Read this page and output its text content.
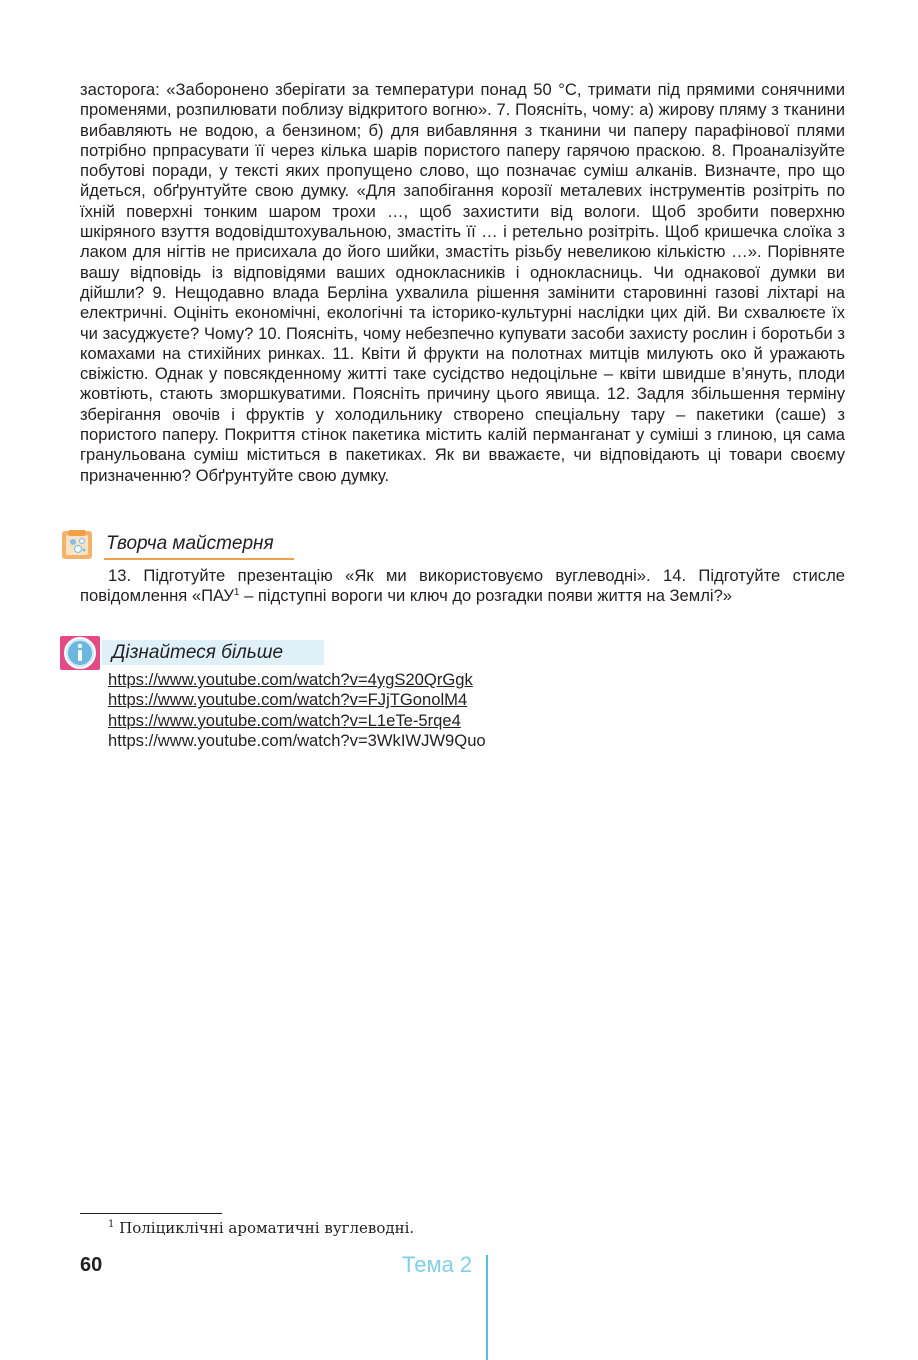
засторога: «Заборонено зберігати за температури понад 50 °С, тримати під прямими сонячними променями, розпилювати поблизу відкритого вогню». 7. Поясніть, чому: а) жирову пляму з тканини вибавляють не водою, а бензином; б) для вибавляння з тканини чи паперу парафінової плями потрібно прпрасувати її через кілька шарів пористого паперу гарячою праскою. 8. Проаналізуйте побутові поради, у тексті яких пропущено слово, що позначає суміш алканів. Визначте, про що йдеться, обґрунтуйте свою думку. «Для запобігання корозії металевих інструментів розітріть по їхній поверхні тонким шаром трохи …, щоб захистити від вологи. Щоб зробити поверхню шкіряного взуття водовідштохувальною, змастіть її … і ретельно розітріть. Щоб кришечка слоїка з лаком для нігтів не присихала до його шийки, змастіть різьбу невеликою кількістю …». Порівняте вашу відповідь із відповідями ваших однокласників і однокласниць. Чи однакової думки ви дійшли? 9. Нещодавно влада Берліна ухвалила рішення замінити старовинні газові ліхтарі на електричні. Оцініть економічні, екологічні та історико-культурні наслідки цих дій. Ви схвалюєте їх чи засуджуєте? Чому? 10. Поясніть, чому небезпечно купувати засоби захисту рослин і боротьби з комахами на стихійних ринках. 11. Квіти й фрукти на полотнах митців милують око й уражають свіжістю. Однак у повсякденному житті таке сусідство недоцільне – квіти швидше в’януть, плоди жовтіють, стають зморшкуватими. Поясніть причину цього явища. 12. Задля збільшення терміну зберігання овочів і фруктів у холодильнику створено спеціальну тару – пакетики (саше) з пористого паперу. Покриття стінок пакетика містить калій перманганат у суміші з глиною, ця сама гранульована суміш міститься в пакетиках. Як ви вважаєте, чи відповідають ці товари своєму призначенню? Обґрунтуйте свою думку.

Творча майстерня

13. Підготуйте презентацію «Як ми використовуємо вуглеводні». 14. Підготуйте стисле повідомлення «ПАУ$^1$ – підступні вороги чи ключ до розгадки появи життя на Землі?»

Дізнайтеся більше
https://www.youtube.com/watch?v=4ygS20QrGgk
https://www.youtube.com/watch?v=FJjTGonolM4
https://www.youtube.com/watch?v=L1eTe-5rqe4
https://www.youtube.com/watch?v=3WkIWJW9Quo
$^1$ Поліциклічні ароматичні вуглеводні.
60	Тема 2
